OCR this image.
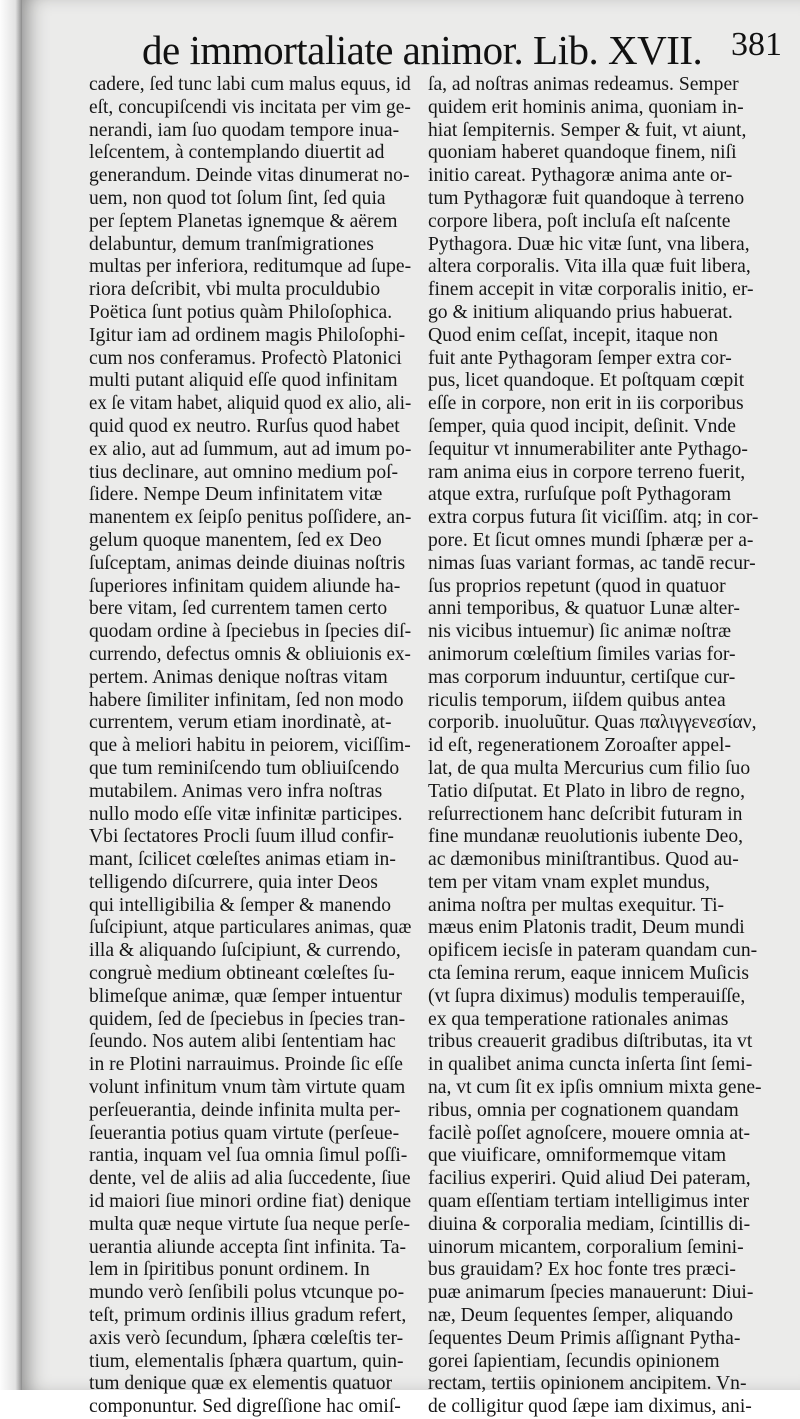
de immortaliate animor. Lib. XVII. 381
cadere, ſed tunc labi cum malus equus, id
eſt, concupiſcendi vis incitata per vim ge-
nerandi, iam ſuo quodam tempore inua-
leſcentem, à contemplando diuertit ad
generandum. Deinde vitas dinumerat no-
uem, non quod tot ſolum ſint, ſed quia
per ſeptem Planetas ignemque & aërem
delabuntur, demum tranſmigrationes
multas per inferiora, reditumque ad ſupe-
riora deſcribit, vbi multa proculdubio
Poëtica ſunt potius quàm Philoſophica.
Igitur iam ad ordinem magis Philoſophi-
cum nos conferamus. Profectò Platonici
multi putant aliquid eſſe quod infinitam
ex ſe vitam habet, aliquid quod ex alio, ali-
quid quod ex neutro. Rurſus quod habet
ex alio, aut ad ſummum, aut ad imum po-
tius declinare, aut omnino medium poſ-
ſidere. Nempe Deum infinitatem vitæ
manentem ex ſeipſo penitus poſſidere, an-
gelum quoque manentem, ſed ex Deo
ſuſceptam, animas deinde diuinas noſtris
ſuperiores infinitam quidem aliunde ha-
bere vitam, ſed currentem tamen certo
quodam ordine à ſpeciebus in ſpecies diſ-
currendo, defectus omnis & obliuionis ex-
pertem. Animas denique noſtras vitam
habere ſimiliter infinitam, ſed non modo
currentem, verum etiam inordinatè, at-
que à meliori habitu in peiorem, viciſſim-
que tum reminiſcendo tum obliuiſcendo
mutabilem. Animas vero infra noſtras
nullo modo eſſe vitæ infinitæ participes.
Vbi ſectatores Procli ſuum illud confir-
mant, ſcilicet cœleſtes animas etiam in-
telligendo diſcurrere, quia inter Deos
qui intelligibilia & ſemper & manendo
ſuſcipiunt, atque particulares animas, quæ
illa & aliquando ſuſcipiunt, & currendo,
congruè medium obtineant cœleſtes ſu-
blimeſque animæ, quæ ſemper intuentur
quidem, ſed de ſpeciebus in ſpecies tran-
ſeundo. Nos autem alibi ſententiam hac
in re Plotini narrauimus. Proinde ſic eſſe
volunt infinitum vnum tàm virtute quam
perſeuerantia, deinde infinita multa per-
ſeuerantia potius quam virtute (perſeue-
rantia, inquam vel ſua omnia ſimul poſſi-
dente, vel de aliis ad alia ſuccedente, ſiue
id maiori ſiue minori ordine fiat) denique
multa quæ neque virtute ſua neque perſe-
uerantia aliunde accepta ſint infinita. Ta-
lem in ſpiritibus ponunt ordinem. In
mundo verò ſenſibili polus vtcunque po-
teſt, primum ordinis illius gradum refert,
axis verò ſecundum, ſphæra cœleſtis ter-
tium, elementalis ſphæra quartum, quin-
tum denique quæ ex elementis quatuor
componuntur. Sed digreſſione hac omiſ-
ſa, ad noſtras animas redeamus. Semper
quidem erit hominis anima, quoniam in-
hiat ſempiternis. Semper & fuit, vt aiunt,
quoniam haberet quandoque finem, niſi
initio careat. Pythagoræ anima ante or-
tum Pythagoræ fuit quandoque à terreno
corpore libera, poſt incluſa eſt naſcente
Pythagora. Duæ hic vitæ ſunt, vna libera,
altera corporalis. Vita illa quæ fuit libera,
finem accepit in vitæ corporalis initio, er-
go & initium aliquando prius habuerat.
Quod enim ceſſat, incepit, itaque non
fuit ante Pythagoram ſemper extra cor-
pus, licet quandoque. Et poſtquam cœpit
eſſe in corpore, non erit in iis corporibus
ſemper, quia quod incipit, deſinit. Vnde
ſequitur vt innumerabiliter ante Pythago-
ram anima eius in corpore terreno fuerit,
atque extra, rurſuſque poſt Pythagoram
extra corpus futura ſit viciſſim. atq; in cor-
pore. Et ſicut omnes mundi ſphæræ per a-
nimas ſuas variant formas, ac tandē recur-
ſus proprios repetunt (quod in quatuor
anni temporibus, & quatuor Lunæ alter-
nis vicibus intuemur) ſic animæ noſtræ
animorum cœleſtium ſimiles varias for-
mas corporum induuntur, certiſque cur-
riculis temporum, iiſdem quibus antea
corporib. inuoluũtur. Quas παλιγγενεσίαν,
id eſt, regenerationem Zoroaſter appel-
lat, de qua multa Mercurius cum filio ſuo
Tatio diſputat. Et Plato in libro de regno,
reſurrectionem hanc deſcribit futuram in
fine mundanæ reuolutionis iubente Deo,
ac dæmonibus miniſtrantibus. Quod au-
tem per vitam vnam explet mundus,
anima noſtra per multas exequitur. Ti-
mæus enim Platonis tradit, Deum mundi
opificem iecisſe in pateram quandam cun-
cta ſemina rerum, eaque innicem Muſicis
(vt ſupra diximus) modulis temperauiſſe,
ex qua temperatione rationales animas
tribus creauerit gradibus diſtributas, ita vt
in qualibet anima cuncta inſerta ſint ſemi-
na, vt cum ſit ex ipſis omnium mixta gene-
ribus, omnia per cognationem quandam
facilè poſſet agnoſcere, mouere omnia at-
que viuificare, omniformemque vitam
facilius experiri. Quid aliud Dei pateram,
quam eſſentiam tertiam intelligimus inter
diuina & corporalia mediam, ſcintillis di-
uinorum micantem, corporalium ſemini-
bus grauidam? Ex hoc fonte tres præci-
puæ animarum ſpecies manauerunt: Diui-
næ, Deum ſequentes ſemper, aliquando
ſequentes Deum Primis aſſignant Pytha-
gorei ſapientiam, ſecundis opinionem
rectam, tertiis opinionem ancipitem. Vn-
de colligitur quod ſæpe iam diximus, ani-
